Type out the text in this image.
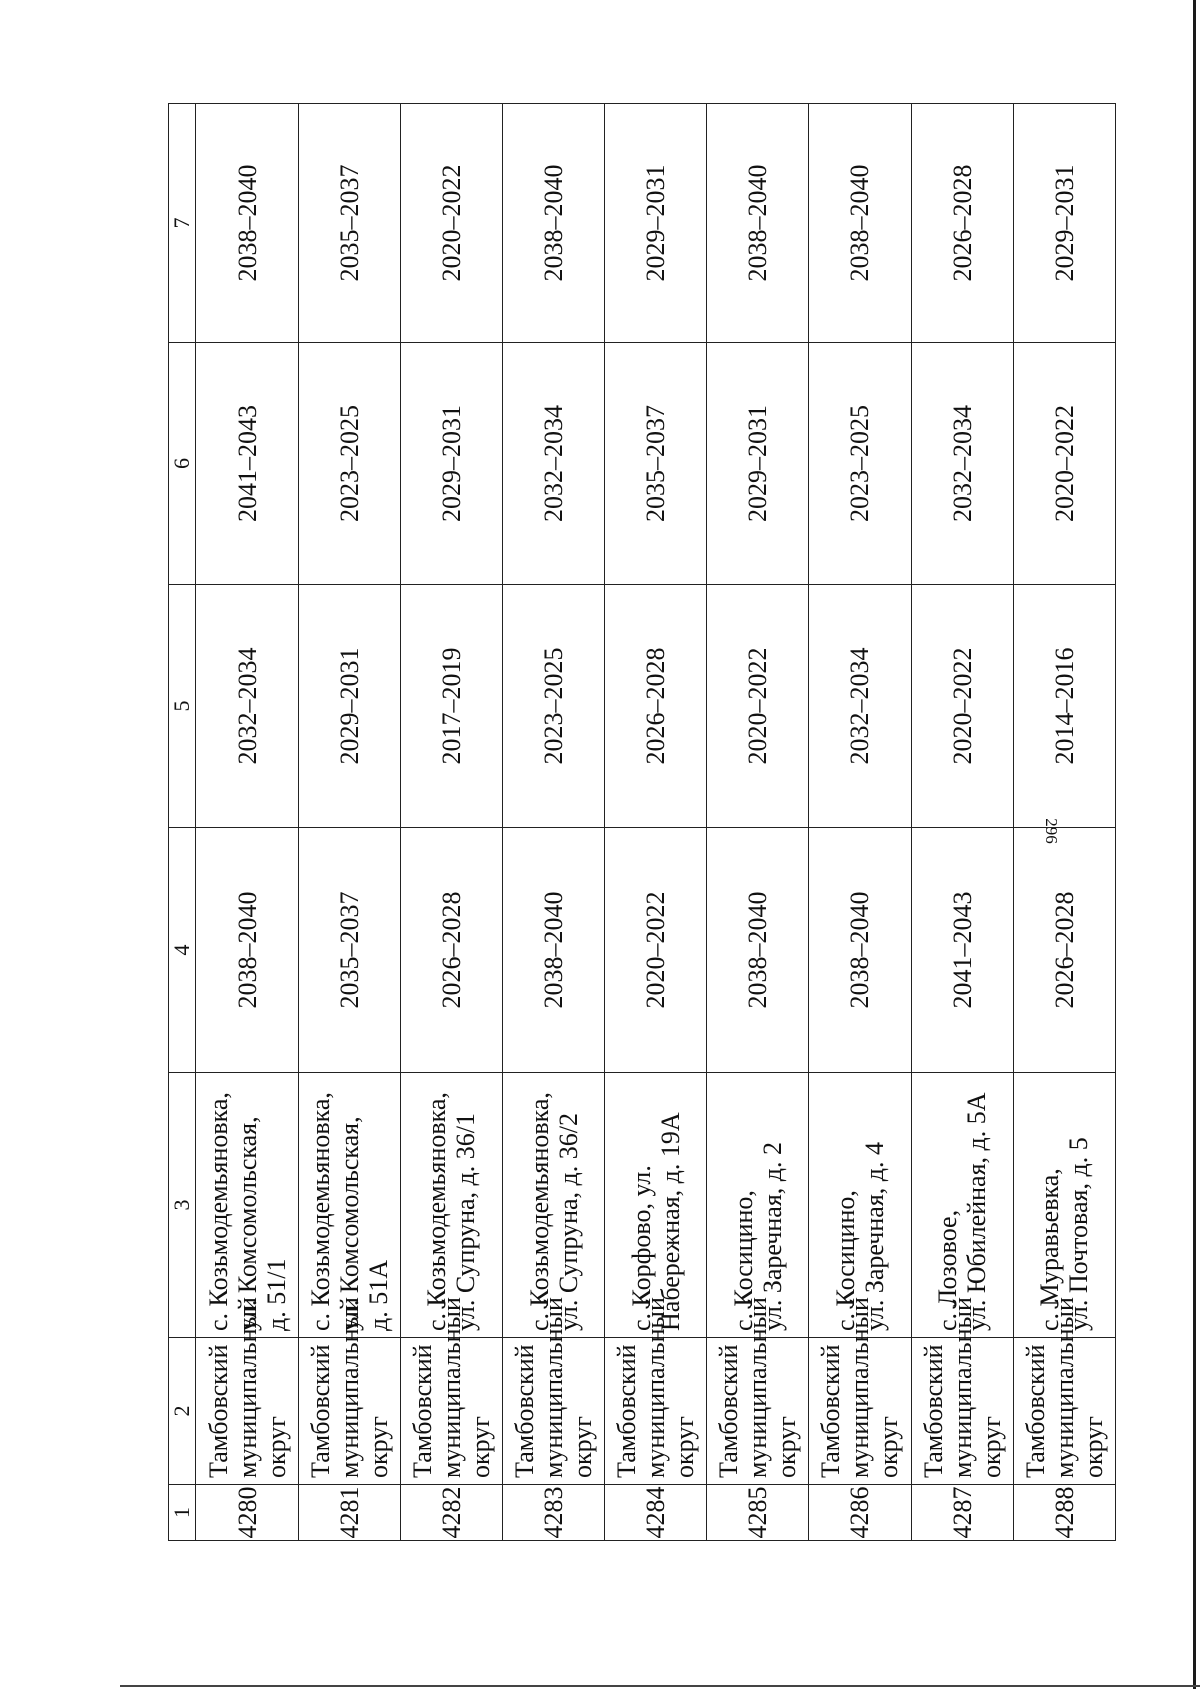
296
1	2	3	4	5	6	7
4280	Тамбовский муниципальный округ	с. Козьмодемьяновка, ул. Комсомольская, д. 51/1	2038–2040	2032–2034	2041–2043	2038–2040
4281	Тамбовский муниципальный округ	с. Козьмодемьяновка, ул. Комсомольская, д. 51А	2035–2037	2029–2031	2023–2025	2035–2037
4282	Тамбовский муниципальный округ	с. Козьмодемьяновка, ул. Супруна, д. 36/1	2026–2028	2017–2019	2029–2031	2020–2022
4283	Тамбовский муниципальный округ	с. Козьмодемьяновка, ул. Супруна, д. 36/2	2038–2040	2023–2025	2032–2034	2038–2040
4284	Тамбовский муниципальный округ	с. Корфово, ул. Набережная, д. 19А	2020–2022	2026–2028	2035–2037	2029–2031
4285	Тамбовский муниципальный округ	с. Косицино, ул. Заречная, д. 2	2038–2040	2020–2022	2029–2031	2038–2040
4286	Тамбовский муниципальный округ	с. Косицино, ул. Заречная, д. 4	2038–2040	2032–2034	2023–2025	2038–2040
4287	Тамбовский муниципальный округ	с. Лозовое, ул. Юбилейная, д. 5А	2041–2043	2020–2022	2032–2034	2026–2028
4288	Тамбовский муниципальный округ	с. Муравьевка, ул. Почтовая, д. 5	2026–2028	2014–2016	2020–2022	2029–2031
